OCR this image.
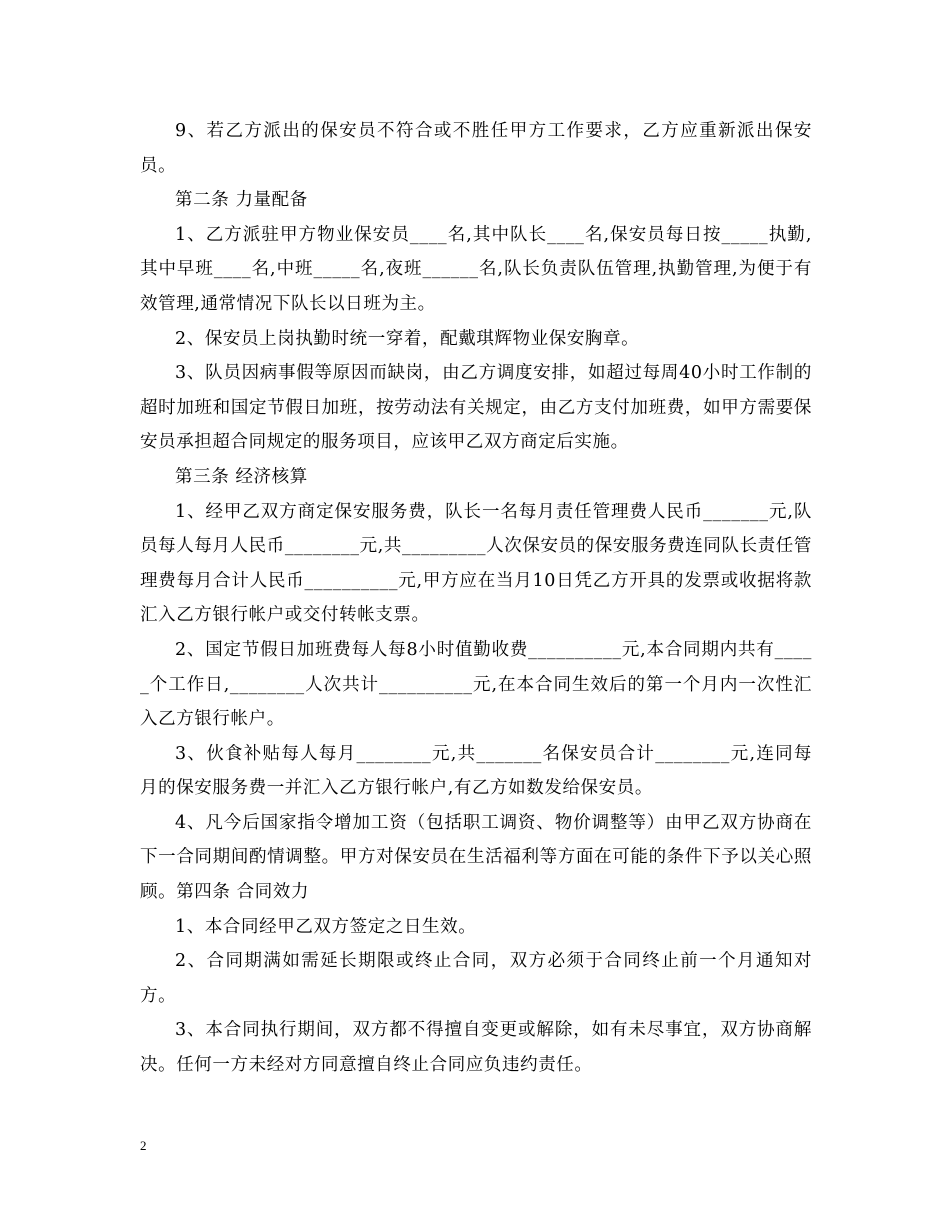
9、若乙方派出的保安员不符合或不胜任甲方工作要求，乙方应重新派出保安员。

第二条 力量配备

1、乙方派驻甲方物业保安员____名,其中队长____名,保安员每日按_____执勤,其中早班____名,中班_____名,夜班______名,队长负责队伍管理,执勤管理,为便于有效管理,通常情况下队长以日班为主。

2、保安员上岗执勤时统一穿着，配戴琪辉物业保安胸章。

3、队员因病事假等原因而缺岗，由乙方调度安排，如超过每周40小时工作制的超时加班和国定节假日加班，按劳动法有关规定，由乙方支付加班费，如甲方需要保安员承担超合同规定的服务项目，应该甲乙双方商定后实施。

第三条 经济核算

1、经甲乙双方商定保安服务费，队长一名每月责任管理费人民币_______元,队员每人每月人民币________元,共_________人次保安员的保安服务费连同队长责任管理费每月合计人民币__________元,甲方应在当月10日凭乙方开具的发票或收据将款汇入乙方银行帐户或交付转帐支票。

2、国定节假日加班费每人每8小时值勤收费__________元,本合同期内共有_____个工作日,________人次共计__________元,在本合同生效后的第一个月内一次性汇入乙方银行帐户。

3、伙食补贴每人每月________元,共_______名保安员合计________元,连同每月的保安服务费一并汇入乙方银行帐户,有乙方如数发给保安员。

4、凡今后国家指令增加工资（包括职工调资、物价调整等）由甲乙双方协商在下一合同期间酌情调整。甲方对保安员在生活福利等方面在可能的条件下予以关心照顾。第四条 合同效力

1、本合同经甲乙双方签定之日生效。

2、合同期满如需延长期限或终止合同，双方必须于合同终止前一个月通知对方。

3、本合同执行期间，双方都不得擅自变更或解除，如有未尽事宜，双方协商解决。任何一方未经对方同意擅自终止合同应负违约责任。

2
